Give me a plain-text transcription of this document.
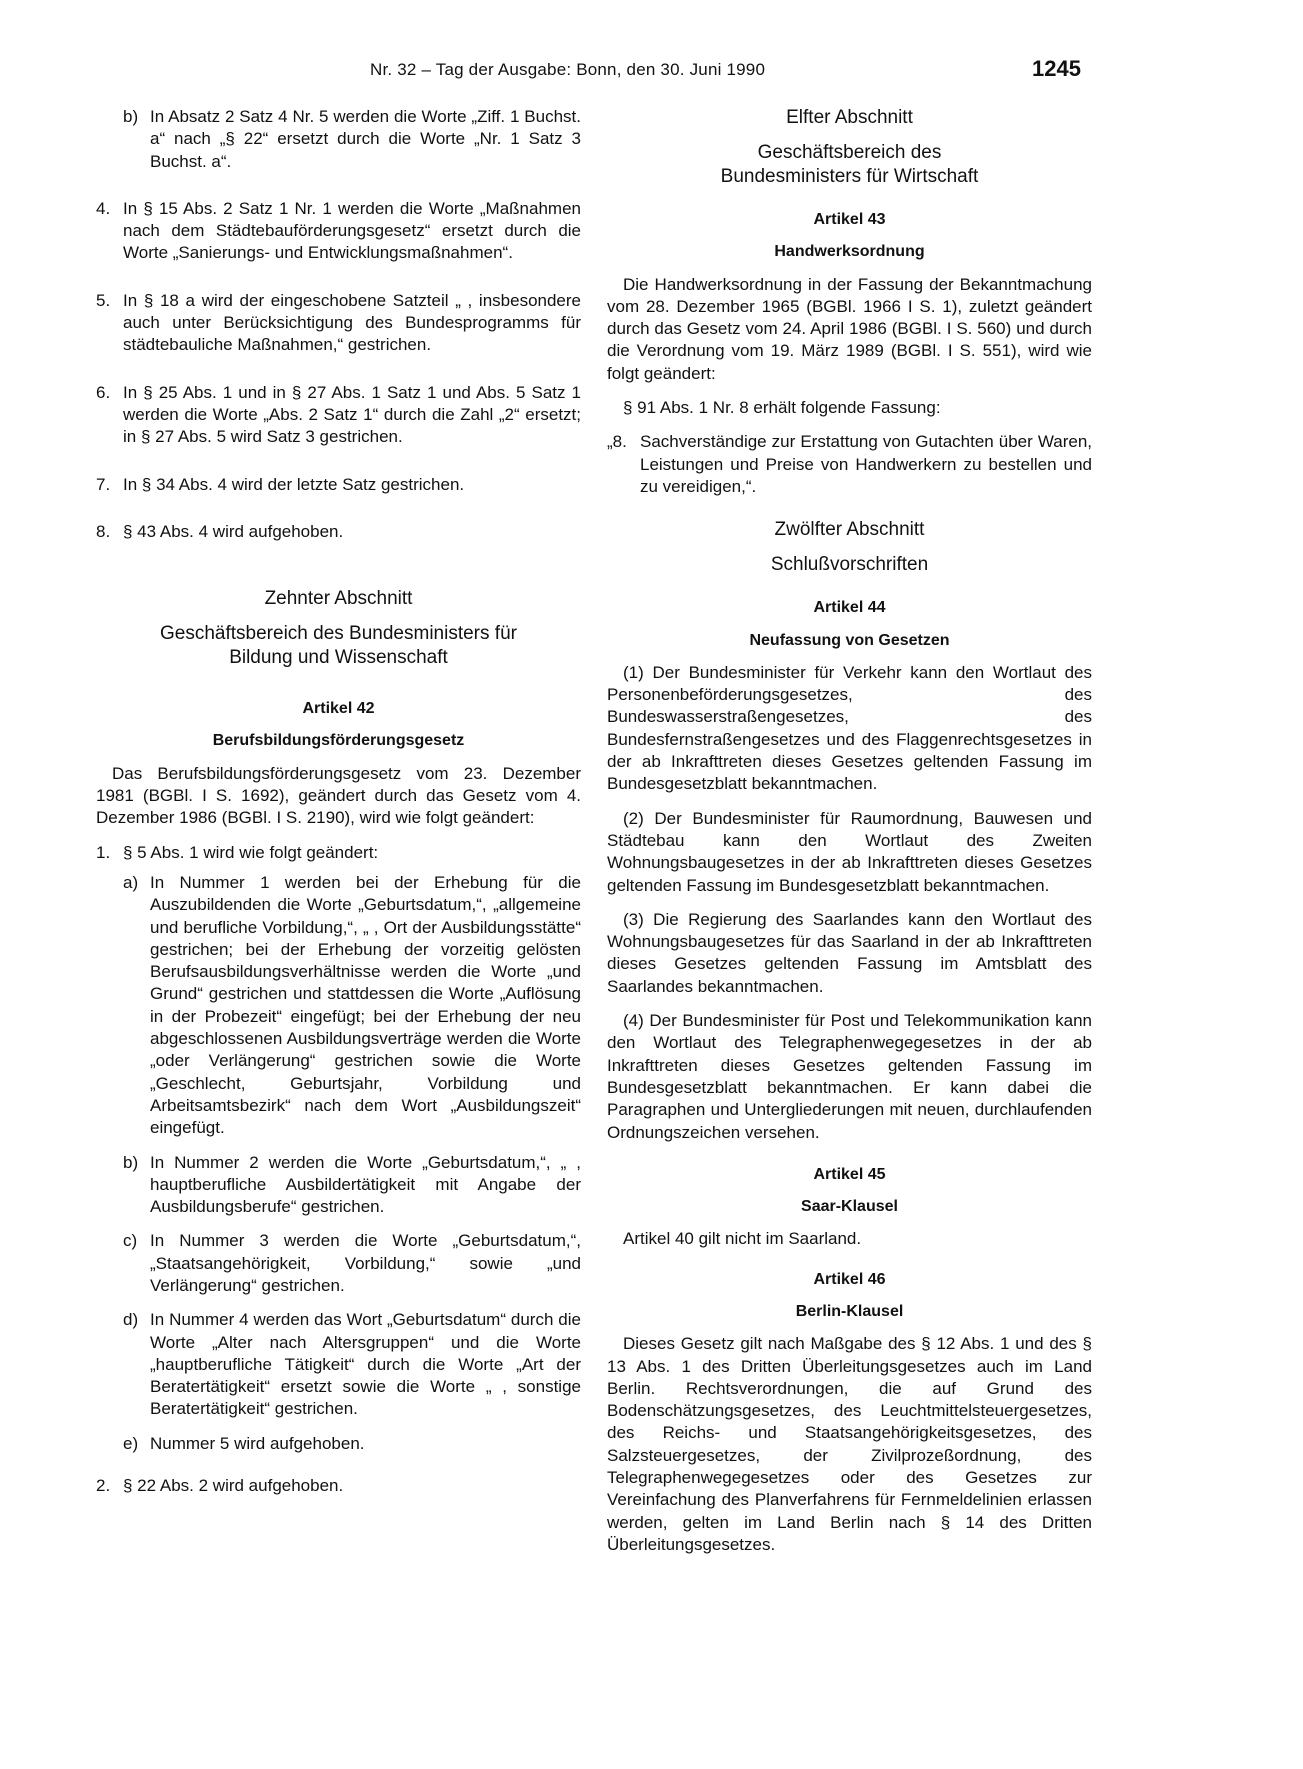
Nr. 32 – Tag der Ausgabe: Bonn, den 30. Juni 1990	1245
b) In Absatz 2 Satz 4 Nr. 5 werden die Worte „Ziff. 1 Buchst. a“ nach „§ 22“ ersetzt durch die Worte „Nr. 1 Satz 3 Buchst. a“.
4. In § 15 Abs. 2 Satz 1 Nr. 1 werden die Worte „Maßnahmen nach dem Städtebauförderungsgesetz“ ersetzt durch die Worte „Sanierungs- und Entwicklungsmaßnahmen“.
5. In § 18 a wird der eingeschobene Satzteil „ , insbesondere auch unter Berücksichtigung des Bundesprogramms für städtebauliche Maßnahmen,“ gestrichen.
6. In § 25 Abs. 1 und in § 27 Abs. 1 Satz 1 und Abs. 5 Satz 1 werden die Worte „Abs. 2 Satz 1“ durch die Zahl „2“ ersetzt; in § 27 Abs. 5 wird Satz 3 gestrichen.
7. In § 34 Abs. 4 wird der letzte Satz gestrichen.
8. § 43 Abs. 4 wird aufgehoben.

Zehnter Abschnitt

Geschäftsbereich des Bundesministers für Bildung und Wissenschaft

Artikel 42

Berufsbildungsförderungsgesetz

Das Berufsbildungsförderungsgesetz vom 23. Dezember 1981 (BGBl. I S. 1692), geändert durch das Gesetz vom 4. Dezember 1986 (BGBl. I S. 2190), wird wie folgt geändert:

1. § 5 Abs. 1 wird wie folgt geändert:
a) In Nummer 1 werden bei der Erhebung für die Auszubildenden die Worte „Geburtsdatum,“, „allgemeine und berufliche Vorbildung,“, „ , Ort der Ausbildungsstätte“ gestrichen; bei der Erhebung der vorzeitig gelösten Berufsausbildungsverhältnisse werden die Worte „und Grund“ gestrichen und stattdessen die Worte „Auflösung in der Probezeit“ eingefügt; bei der Erhebung der neu abgeschlossenen Ausbildungsverträge werden die Worte „oder Verlängerung“ gestrichen sowie die Worte „Geschlecht, Geburtsjahr, Vorbildung und Arbeitsamtsbezirk“ nach dem Wort „Ausbildungszeit“ eingefügt.
b) In Nummer 2 werden die Worte „Geburtsdatum,“, „ , hauptberufliche Ausbildertätigkeit mit Angabe der Ausbildungsberufe“ gestrichen.
c) In Nummer 3 werden die Worte „Geburtsdatum,“, „Staatsangehörigkeit, Vorbildung,“ sowie „und Verlängerung“ gestrichen.
d) In Nummer 4 werden das Wort „Geburtsdatum“ durch die Worte „Alter nach Altersgruppen“ und die Worte „hauptberufliche Tätigkeit“ durch die Worte „Art der Beratertätigkeit“ ersetzt sowie die Worte „ , sonstige Beratertätigkeit“ gestrichen.
e) Nummer 5 wird aufgehoben.
2. § 22 Abs. 2 wird aufgehoben.

Elfter Abschnitt

Geschäftsbereich des Bundesministers für Wirtschaft

Artikel 43

Handwerksordnung

Die Handwerksordnung in der Fassung der Bekanntmachung vom 28. Dezember 1965 (BGBl. 1966 I S. 1), zuletzt geändert durch das Gesetz vom 24. April 1986 (BGBl. I S. 560) und durch die Verordnung vom 19. März 1989 (BGBl. I S. 551), wird wie folgt geändert:

§ 91 Abs. 1 Nr. 8 erhält folgende Fassung:

„8. Sachverständige zur Erstattung von Gutachten über Waren, Leistungen und Preise von Handwerkern zu bestellen und zu vereidigen,“.

Zwölfter Abschnitt

Schlußvorschriften

Artikel 44

Neufassung von Gesetzen

(1) Der Bundesminister für Verkehr kann den Wortlaut des Personenbeförderungsgesetzes, des Bundeswasserstraßengesetzes, des Bundesfernstraßengesetzes und des Flaggenrechtsgesetzes in der ab Inkrafttreten dieses Gesetzes geltenden Fassung im Bundesgesetzblatt bekanntmachen.

(2) Der Bundesminister für Raumordnung, Bauwesen und Städtebau kann den Wortlaut des Zweiten Wohnungsbaugesetzes in der ab Inkrafttreten dieses Gesetzes geltenden Fassung im Bundesgesetzblatt bekanntmachen.

(3) Die Regierung des Saarlandes kann den Wortlaut des Wohnungsbaugesetzes für das Saarland in der ab Inkrafttreten dieses Gesetzes geltenden Fassung im Amtsblatt des Saarlandes bekanntmachen.

(4) Der Bundesminister für Post und Telekommunikation kann den Wortlaut des Telegraphenwegegesetzes in der ab Inkrafttreten dieses Gesetzes geltenden Fassung im Bundesgesetzblatt bekanntmachen. Er kann dabei die Paragraphen und Untergliederungen mit neuen, durchlaufenden Ordnungszeichen versehen.

Artikel 45

Saar-Klausel

Artikel 40 gilt nicht im Saarland.

Artikel 46

Berlin-Klausel

Dieses Gesetz gilt nach Maßgabe des § 12 Abs. 1 und des § 13 Abs. 1 des Dritten Überleitungsgesetzes auch im Land Berlin. Rechtsverordnungen, die auf Grund des Bodenschätzungsgesetzes, des Leuchtmittelsteuergesetzes, des Reichs- und Staatsangehörigkeitsgesetzes, des Salzsteuergesetzes, der Zivilprozeßordnung, des Telegraphenwegegesetzes oder des Gesetzes zur Vereinfachung des Planverfahrens für Fernmeldelinien erlassen werden, gelten im Land Berlin nach § 14 des Dritten Überleitungsgesetzes.
